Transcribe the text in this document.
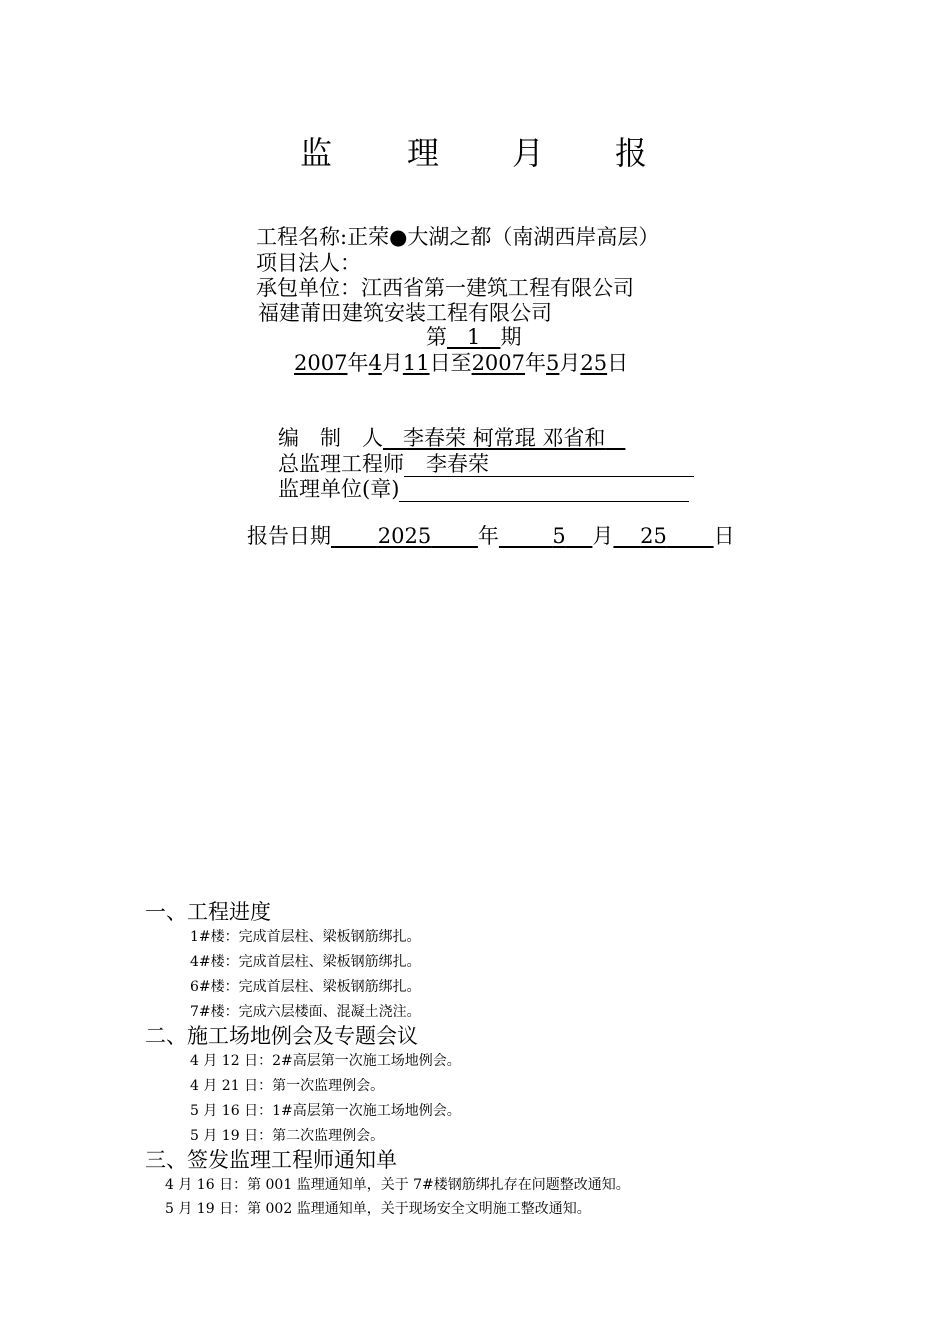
监 理 月 报
工程名称:正荣●大湖之都（南湖西岸高层）
项目法人：
承包单位：江西省第一建筑工程有限公司
福建莆田建筑安装工程有限公司
第 1 期
2007年4月11日至2007年5月25日
编　制　人 李春荣 柯常琨 邓省和
总监理工程师 李春荣
监理单位(章)
报告日期 2025 年	5 月 25 日
一、工程进度
1#楼：完成首层柱、梁板钢筋绑扎。
4#楼：完成首层柱、梁板钢筋绑扎。
6#楼：完成首层柱、梁板钢筋绑扎。
7#楼：完成六层楼面、混凝土浇注。
二、施工场地例会及专题会议
4 月 12 日：2#高层第一次施工场地例会。
4 月 21 日：第一次监理例会。
5 月 16 日：1#高层第一次施工场地例会。
5 月 19 日：第二次监理例会。
三、签发监理工程师通知单
4 月 16 日：第 001 监理通知单，关于 7#楼钢筋绑扎存在问题整改通知。
5 月 19 日：第 002 监理通知单，关于现场安全文明施工整改通知。
